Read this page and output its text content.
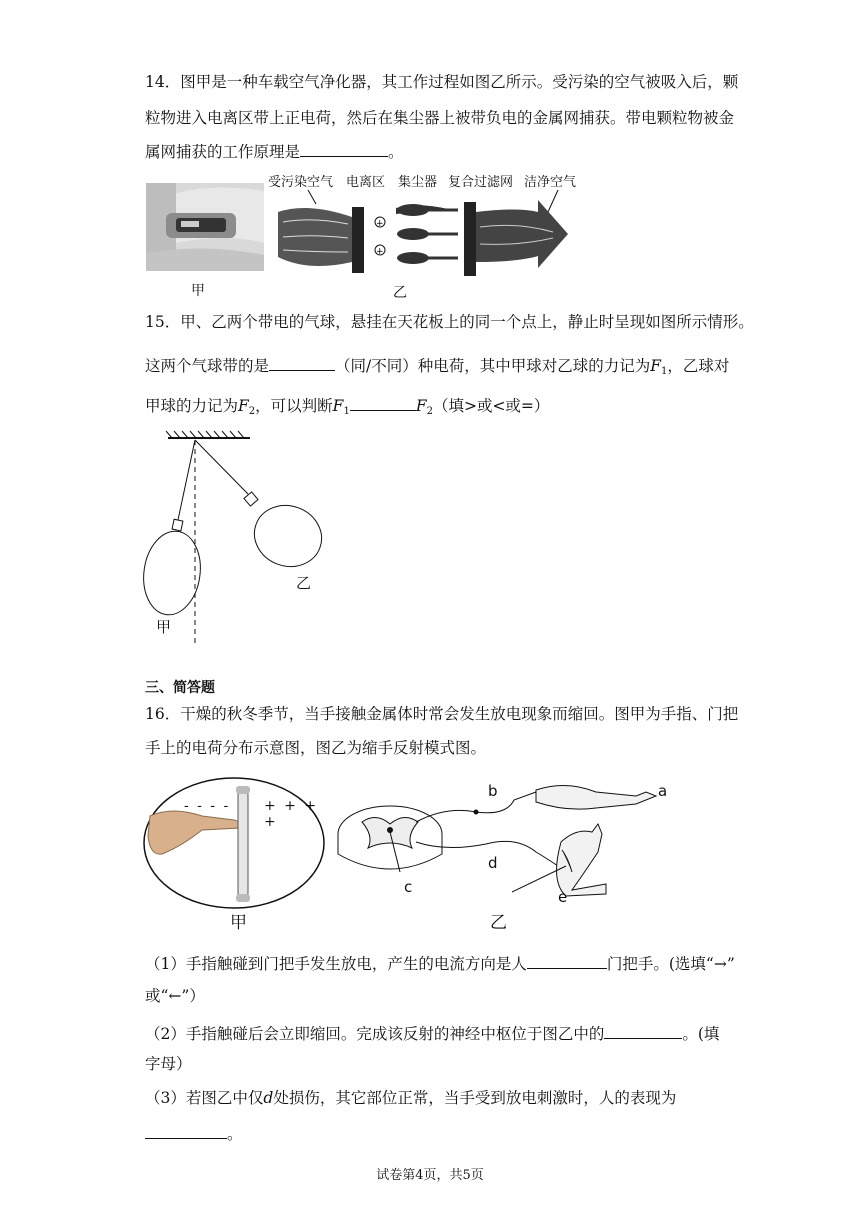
14．图甲是一种车载空气净化器，其工作过程如图乙所示。受污染的空气被吸入后，颗
粒物进入电离区带上正电荷，然后在集尘器上被带负电的金属网捕获。带电颗粒物被金
属网捕获的工作原理是	。
甲
受污染空气 电离区 集尘器 复合过滤网 洁净空气
+
+
乙
15．甲、乙两个带电的气球，悬挂在天花板上的同一个点上，静止时呈现如图所示情形。
这两个气球带的是	（同/不同）种电荷，其中甲球对乙球的力记为$F_1$，乙球对
甲球的力记为$F_2$，可以判断$F_1$	$F_2$（填>或<或=）
甲
乙
三、简答题
16．干燥的秋冬季节，当手接触金属体时常会发生放电现象而缩回。图甲为手指、门把
手上的电荷分布示意图，图乙为缩手反射模式图。
- - - - + + + +
甲
b	a
d
c
e
乙
（1）手指触碰到门把手发生放电，产生的电流方向是人	门把手。(选填“→”
或“←”）
（2）手指触碰后会立即缩回。完成该反射的神经中枢位于图乙中的	。(填
字母）
（3）若图乙中仅d处损伤，其它部位正常，当手受到放电刺激时，人的表现为
。
试卷第4页，共5页
